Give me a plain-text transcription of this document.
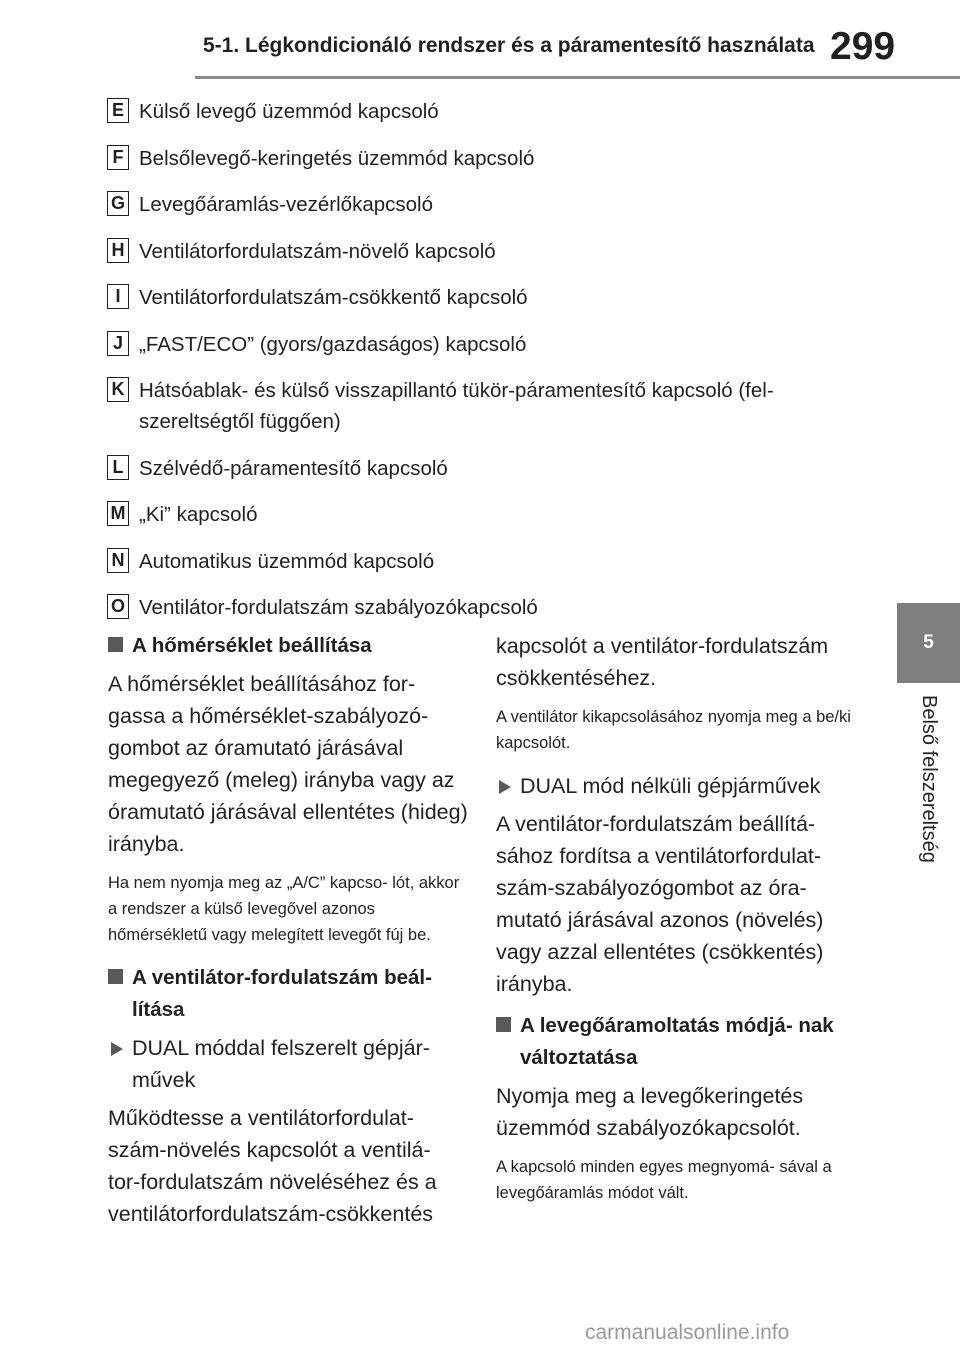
5-1. Légkondicionáló rendszer és a páramentesítő használata 299
5
Belső felszereltség
E Külső levegő üzemmód kapcsoló
F Belsőlevegő-keringetés üzemmód kapcsoló
G Levegőáramlás-vezérlőkapcsoló
H Ventilátorfordulatszám-növelő kapcsoló
I Ventilátorfordulatszám-csökkentő kapcsoló
J „FAST/ECO” (gyors/gazdaságos) kapcsoló
K Hátsóablak- és külső visszapillantó tükör-páramentesítő kapcsoló (fel- szereltségtől függően)
L Szélvédő-páramentesítő kapcsoló
M „Ki” kapcsoló
N Automatikus üzemmód kapcsoló
O Ventilátor-fordulatszám szabályozókapcsoló
A hőmérséklet beállítása

A hőmérséklet beállításához for- gassa a hőmérséklet-szabályozó- gombot az óramutató járásával megegyező (meleg) irányba vagy az óramutató járásával ellentétes (hideg) irányba.

Ha nem nyomja meg az „A/C” kapcso- lót, akkor a rendszer a külső levegővel azonos hőmérsékletű vagy melegített levegőt fúj be.

A ventilátor-fordulatszám beál- lítása
DUAL móddal felszerelt gépjár- művek

Működtesse a ventilátorfordulat- szám-növelés kapcsolót a ventilá- tor-fordulatszám növeléséhez és a ventilátorfordulatszám-csökkentés

kapcsolót a ventilátor-fordulatszám csökkentéséhez.

A ventilátor kikapcsolásához nyomja meg a be/ki kapcsolót.

DUAL mód nélküli gépjárművek

A ventilátor-fordulatszám beállítá- sához fordítsa a ventilátorfordulat- szám-szabályozógombot az óra- mutató járásával azonos (növelés) vagy azzal ellentétes (csökkentés) irányba.

A levegőáramoltatás módjá- nak változtatása

Nyomja meg a levegőkeringetés üzemmód szabályozókapcsolót.

A kapcsoló minden egyes megnyomá- sával a levegőáramlás módot vált.

carmanualsonline.info
